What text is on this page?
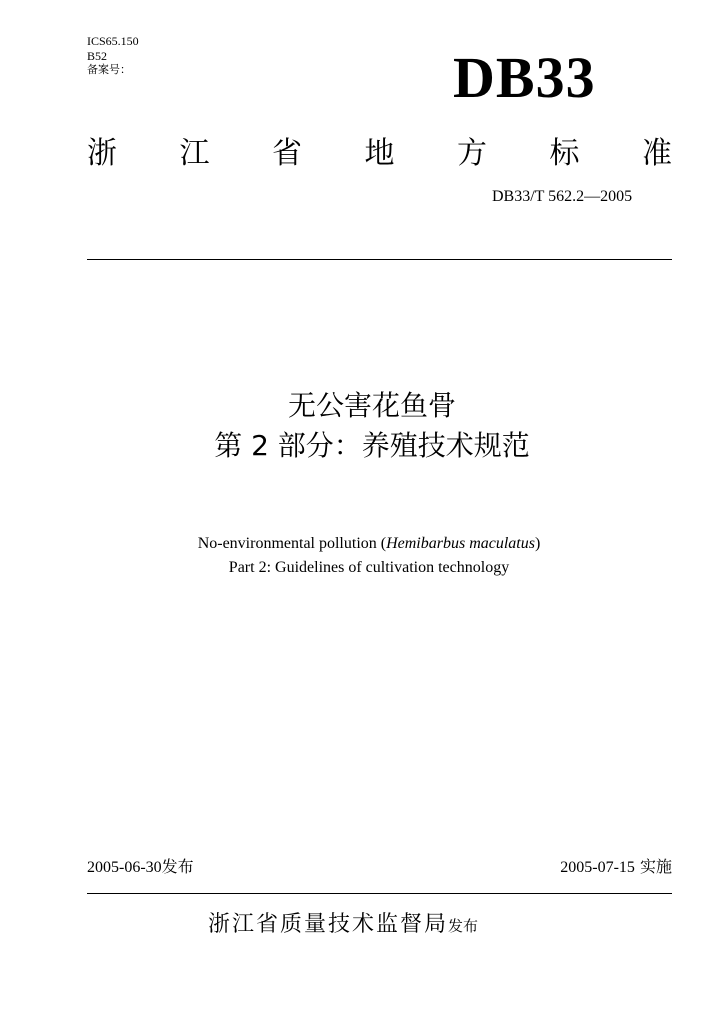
ICS65.150
B52
备案号：	DB33
浙 江 省 地 方 标 准
DB33/T 562.2—2005
无公害花鱼骨
第 2 部分：养殖技术规范
No-environmental pollution (Hemibarbus maculatus)
Part 2: Guidelines of cultivation technology
2005-06-30发布	2005-07-15 实施
浙江省质量技术监督局发布
